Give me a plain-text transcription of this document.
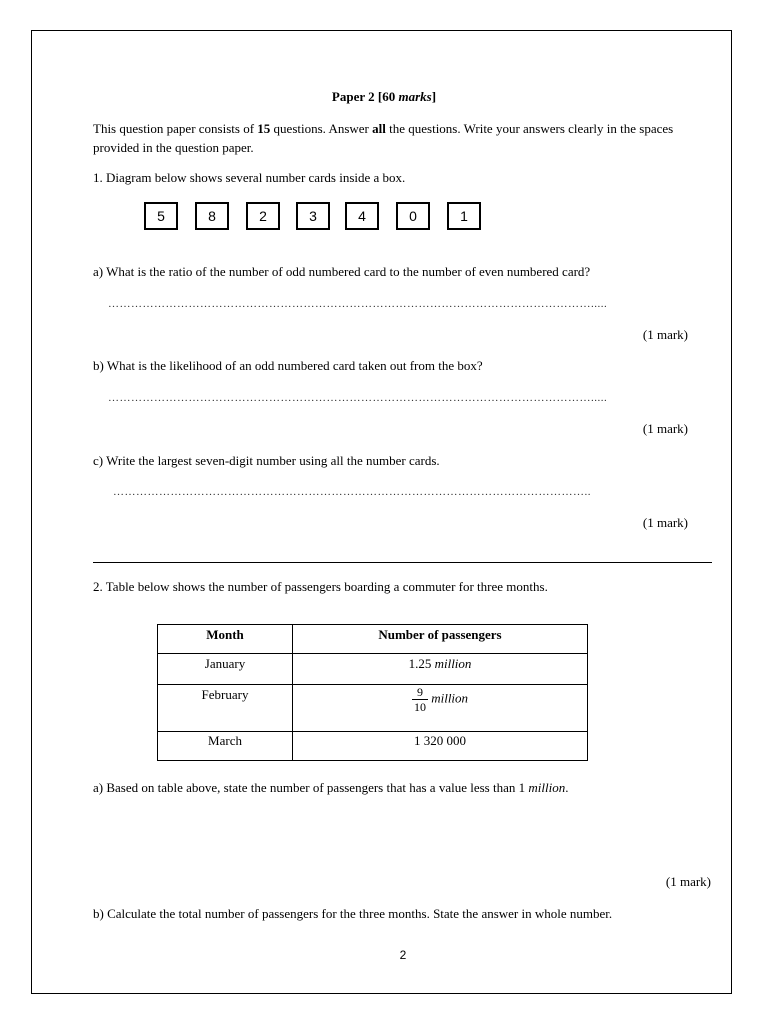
Paper 2 [60 marks]
This question paper consists of 15 questions. Answer all the questions. Write your answers clearly in the spaces provided in the question paper.
1. Diagram below shows several number cards inside a box.
5	8	2	3	4	0	1
a) What is the ratio of the number of odd numbered card to the number of even numbered card?
……………………………………………………………………………………………………………….....
(1 mark)
b) What is the likelihood of an odd numbered card taken out from the box?
……………………………………………………………………………………………………………….....
(1 mark)
c) Write the largest seven-digit number using all the number cards.
……………………………………………………………………………………………………………..
(1 mark)
2. Table below shows the number of passengers boarding a commuter for three months.
Month	Number of passengers
January	1.25 million
February	$\frac{9}{10}$ million
March	1 320 000
a) Based on table above, state the number of passengers that has a value less than 1 million.
(1 mark)
b) Calculate the total number of passengers for the three months. State the answer in whole number.
2
